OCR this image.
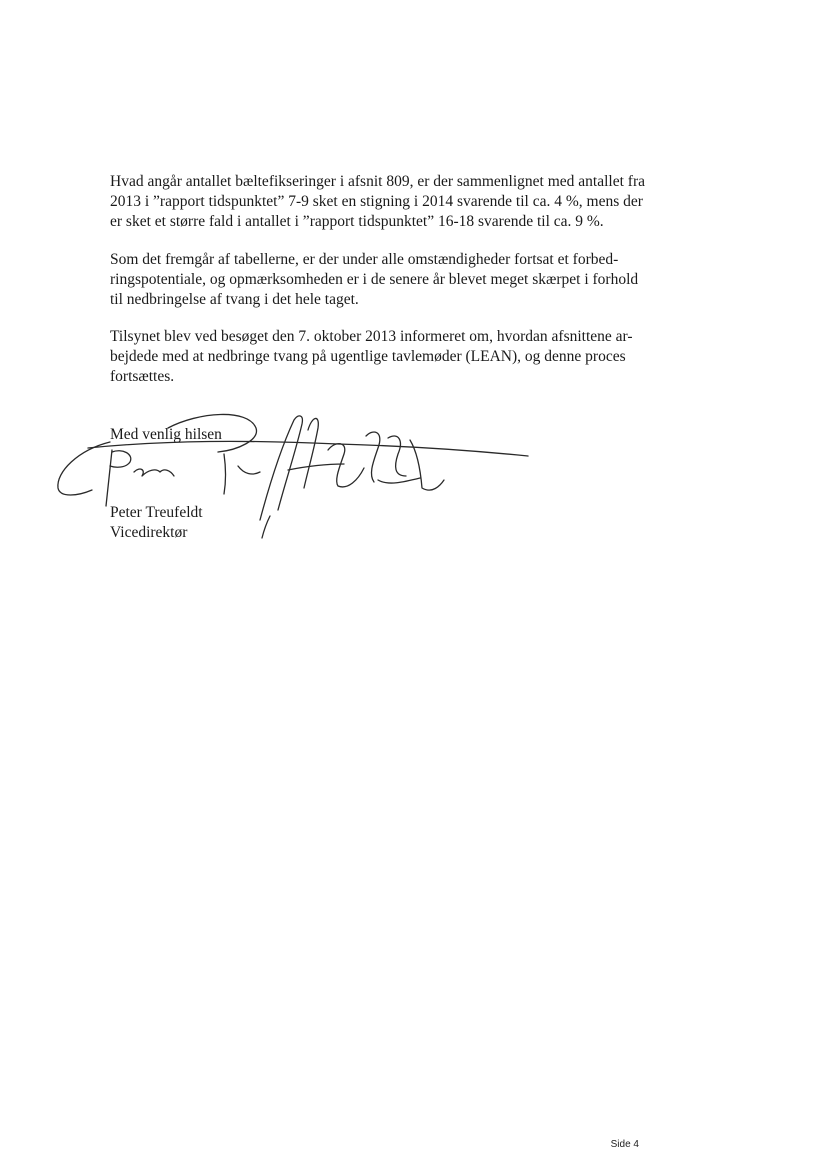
Hvad angår antallet bæltefikseringer i afsnit 809, er der sammenlignet med antallet fra
2013 i ”rapport tidspunktet” 7-9 sket en stigning i 2014 svarende til ca. 4 %, mens der
er sket et større fald i antallet i ”rapport tidspunktet” 16-18 svarende til ca. 9 %.

Som det fremgår af tabellerne, er der under alle omstændigheder fortsat et forbed-
ringspotentiale, og opmærksomheden er i de senere år blevet meget skærpet i forhold
til nedbringelse af tvang i det hele taget.

Tilsynet blev ved besøget den 7. oktober 2013 informeret om, hvordan afsnittene ar-
bejdede med at nedbringe tvang på ugentlige tavlemøder (LEAN), og denne proces
fortsættes.

Med venlig hilsen
Peter Treufeldt
Vicedirektør
Side 4
